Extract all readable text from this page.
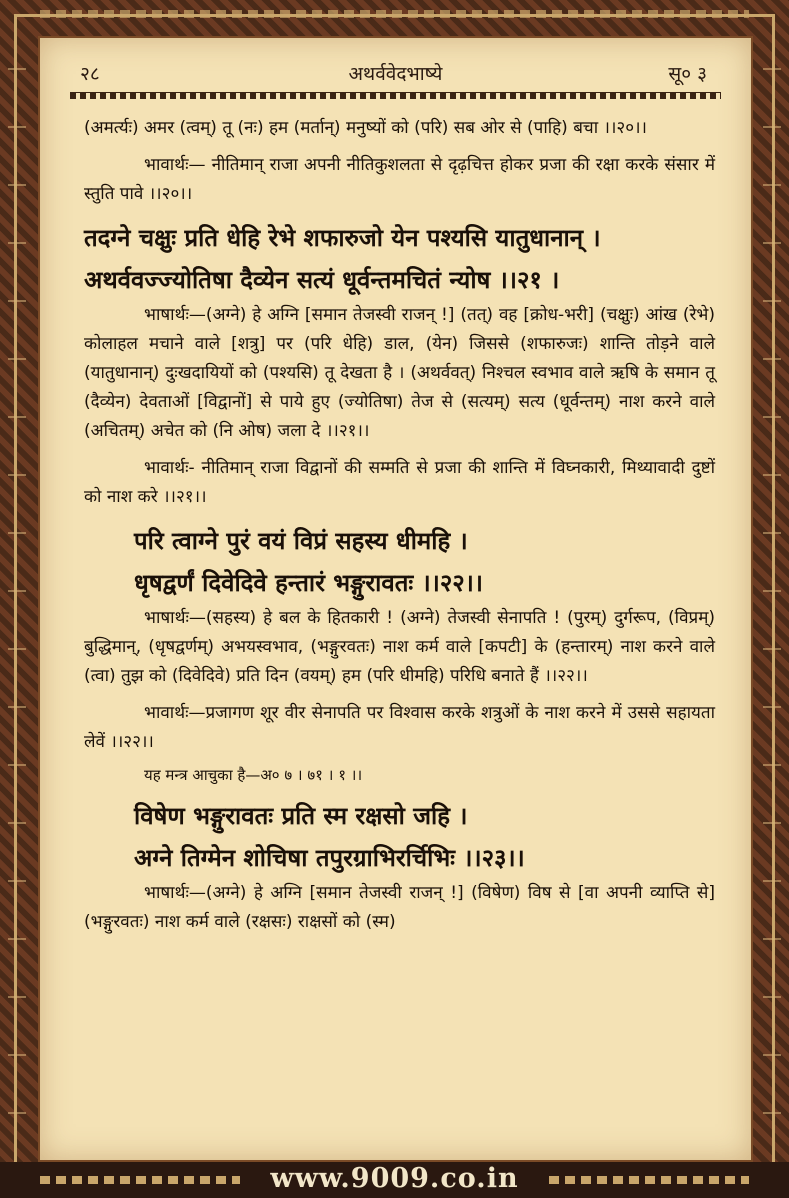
२८	अथर्ववेदभाष्ये	सू० ३

(अमर्त्यः) अमर (त्वम्) तू (नः) हम (मर्तान्) मनुष्यों को (परि) सब ओर से (पाहि) बचा ।।२०।।

भावार्थः— नीतिमान् राजा अपनी नीतिकुशलता से दृढ़चित्त होकर प्रजा की रक्षा करके संसार में स्तुति पावे ।।२०।।

तदग्ने चक्षुः प्रति धेहि रेभे शफारुजो येन पश्यसि यातुधानान् ।

अथर्ववज्ज्योतिषा दैव्येन सत्यं धूर्वन्तमचितं न्योष ।।२१ ।

भाषार्थः—(अग्ने) हे अग्नि [समान तेजस्वी राजन् !] (तत्) वह [क्रोध-भरी] (चक्षुः) आंख (रेभे) कोलाहल मचाने वाले [शत्रु] पर (परि धेहि) डाल, (येन) जिससे (शफारुजः) शान्ति तोड़ने वाले (यातुधानान्) दुःखदायियों को (पश्यसि) तू देखता है । (अथर्ववत्) निश्चल स्वभाव वाले ऋषि के समान तू (दैव्येन) देवताओं [विद्वानों] से पाये हुए (ज्योतिषा) तेज से (सत्यम्) सत्य (धूर्वन्तम्) नाश करने वाले (अचितम्) अचेत को (नि ओष) जला दे ।।२१।।

भावार्थः- नीतिमान् राजा विद्वानों की सम्मति से प्रजा की शान्ति में विघ्नकारी, मिथ्यावादी दुष्टों को नाश करे ।।२१।।

परि त्वाग्ने पुरं वयं विप्रं सहस्य धीमहि ।

धृषद्वर्णं दिवेदिवे हन्तारं भङ्गुरावतः ।।२२।।

भाषार्थः—(सहस्य) हे बल के हितकारी ! (अग्ने) तेजस्वी सेनापति ! (पुरम्) दुर्गरूप, (विप्रम्) बुद्धिमान्, (धृषद्वर्णम्) अभयस्वभाव, (भङ्गुरवतः) नाश कर्म वाले [कपटी] के (हन्तारम्) नाश करने वाले (त्वा) तुझ को (दिवेदिवे) प्रति दिन (वयम्) हम (परि धीमहि) परिधि बनाते हैं ।।२२।।

भावार्थः—प्रजागण शूर वीर सेनापति पर विश्वास करके शत्रुओं के नाश करने में उससे सहायता लेवें ।।२२।।

यह मन्त्र आचुका है—अ० ७ । ७१ । १ ।।

विषेण भङ्गुरावतः प्रति स्म रक्षसो जहि ।

अग्ने तिग्मेन शोचिषा तपुरग्राभिरर्चिभिः ।।२३।।

भाषार्थः—(अग्ने) हे अग्नि [समान तेजस्वी राजन् !] (विषेण) विष से [वा अपनी व्याप्ति से] (भङ्गुरवतः) नाश कर्म वाले (रक्षसः) राक्षसों को (स्म)

www.9009.co.in
